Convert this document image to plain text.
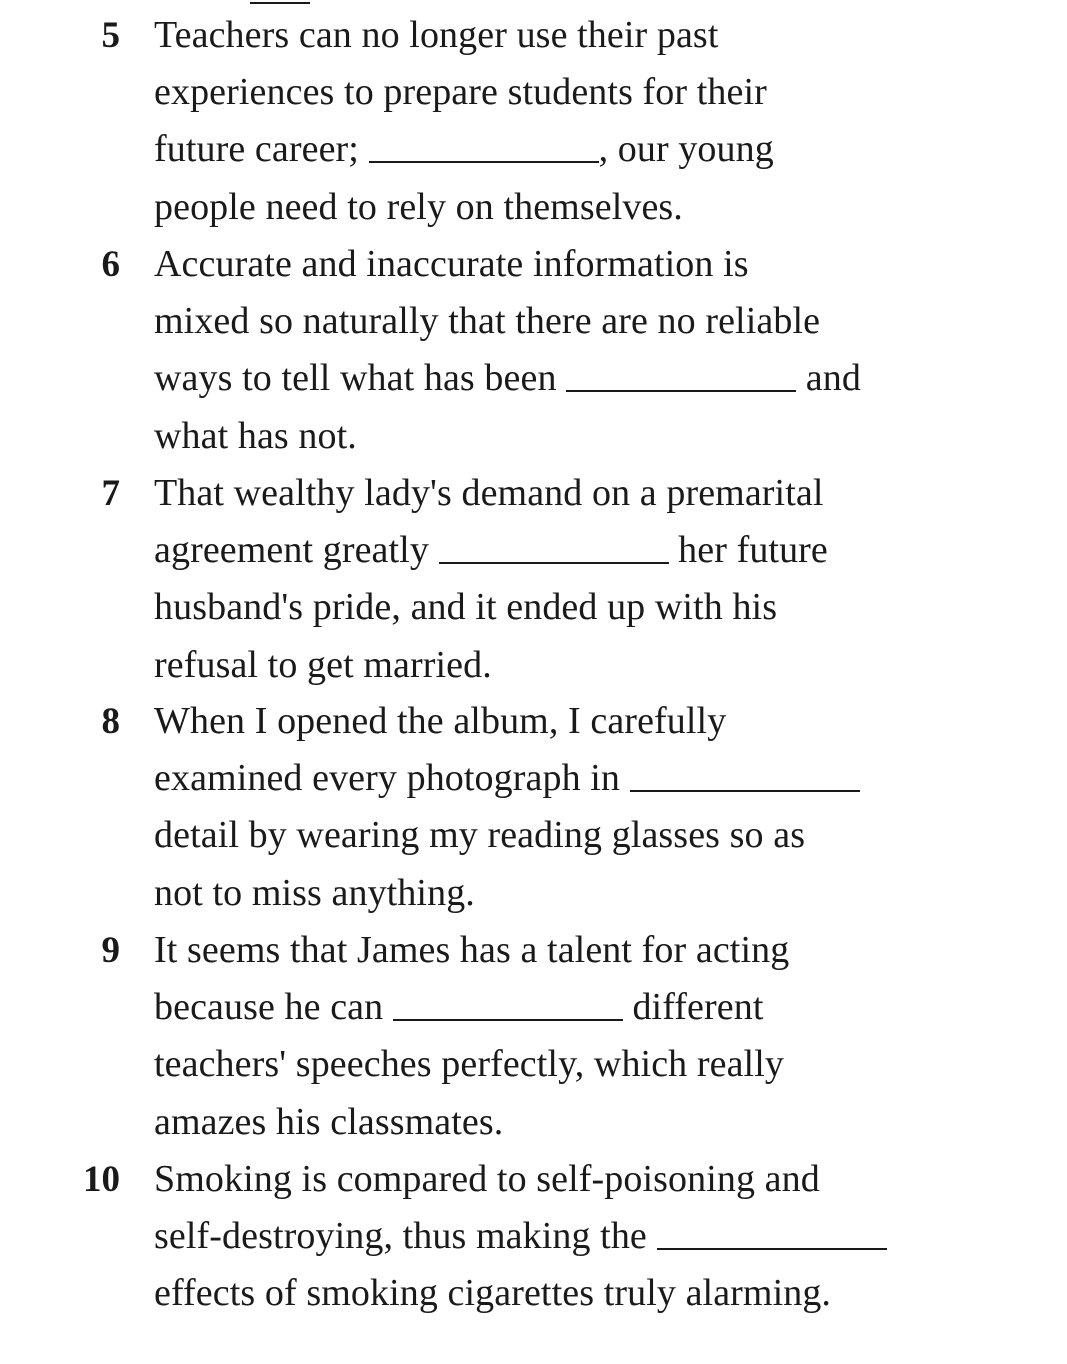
5 Teachers can no longer use their past
experiences to prepare students for their
future career;	, our young
people need to rely on themselves.
6 Accurate and inaccurate information is
mixed so naturally that there are no reliable
ways to tell what has been	and
what has not.
7 That wealthy lady's demand on a premarital
agreement greatly	her future
husband's pride, and it ended up with his
refusal to get married.
8 When I opened the album, I carefully
examined every photograph in
detail by wearing my reading glasses so as
not to miss anything.
9 It seems that James has a talent for acting
because he can	different
teachers' speeches perfectly, which really
amazes his classmates.
10 Smoking is compared to self-poisoning and
self-destroying, thus making the
effects of smoking cigarettes truly alarming.
